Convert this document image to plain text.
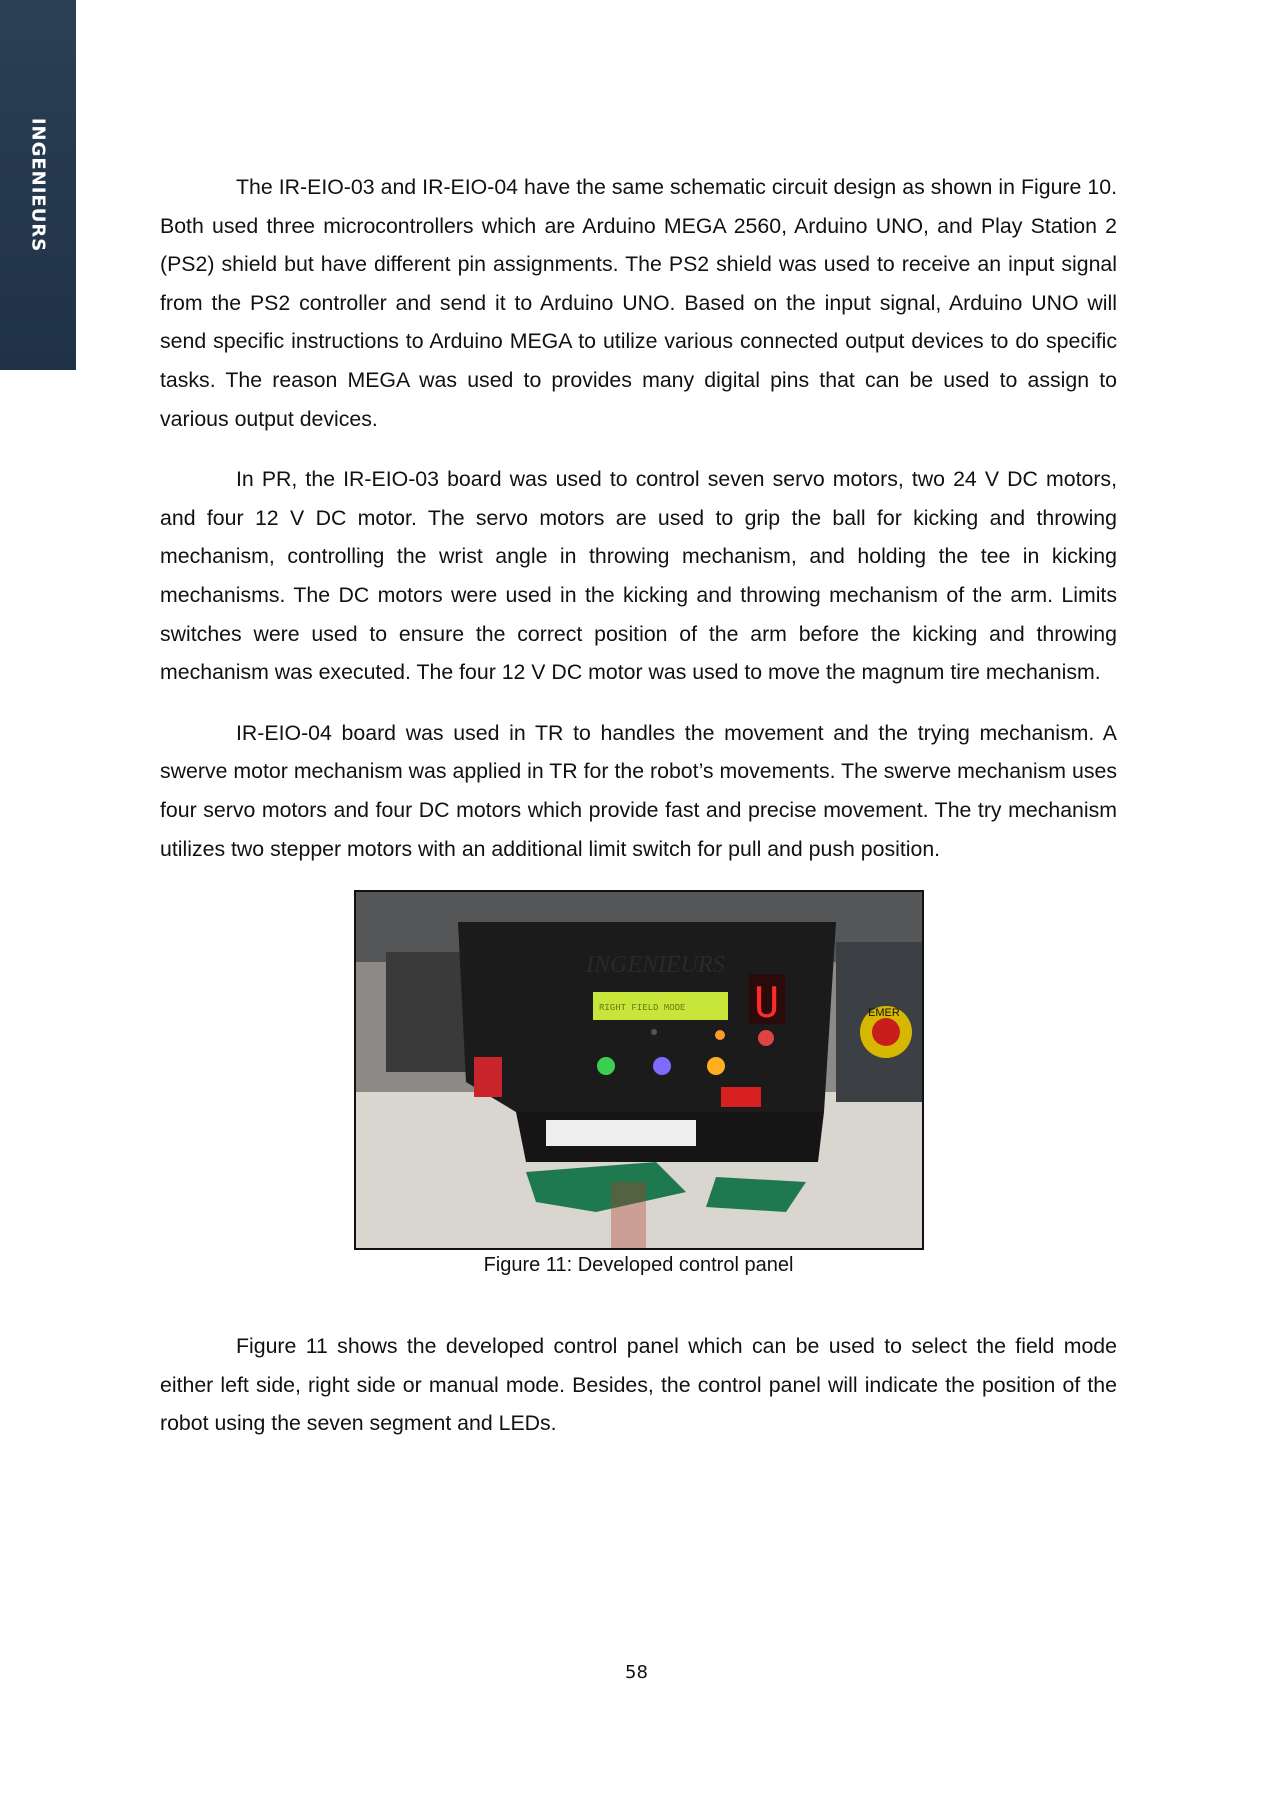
INGENIEURS	The IR-EIO-03 and IR-EIO-04 have the same schematic circuit design as shown in Figure 10. Both used three microcontrollers which are Arduino MEGA 2560, Arduino UNO, and Play Station 2 (PS2) shield but have different pin assignments. The PS2 shield was used to receive an input signal from the PS2 controller and send it to Arduino UNO. Based on the input signal, Arduino UNO will send specific instructions to Arduino MEGA to utilize various connected output devices to do specific tasks. The reason MEGA was used to provides many digital pins that can be used to assign to various output devices.

In PR, the IR-EIO-03 board was used to control seven servo motors, two 24 V DC motors, and four 12 V DC motor. The servo motors are used to grip the ball for kicking and throwing mechanism, controlling the wrist angle in throwing mechanism, and holding the tee in kicking mechanisms. The DC motors were used in the kicking and throwing mechanism of the arm. Limits switches were used to ensure the correct position of the arm before the kicking and throwing mechanism was executed. The four 12 V DC motor was used to move the magnum tire mechanism.

IR-EIO-04 board was used in TR to handles the movement and the trying mechanism. A swerve motor mechanism was applied in TR for the robot’s movements. The swerve mechanism uses four servo motors and four DC motors which provide fast and precise movement. The try mechanism utilizes two stepper motors with an additional limit switch for pull and push position.

EMER
INGENIEURS
RIGHT FIELD MODE U
Figure 11: Developed control panel

Figure 11 shows the developed control panel which can be used to select the field mode either left side, right side or manual mode. Besides, the control panel will indicate the position of the robot using the seven segment and LEDs.

58
